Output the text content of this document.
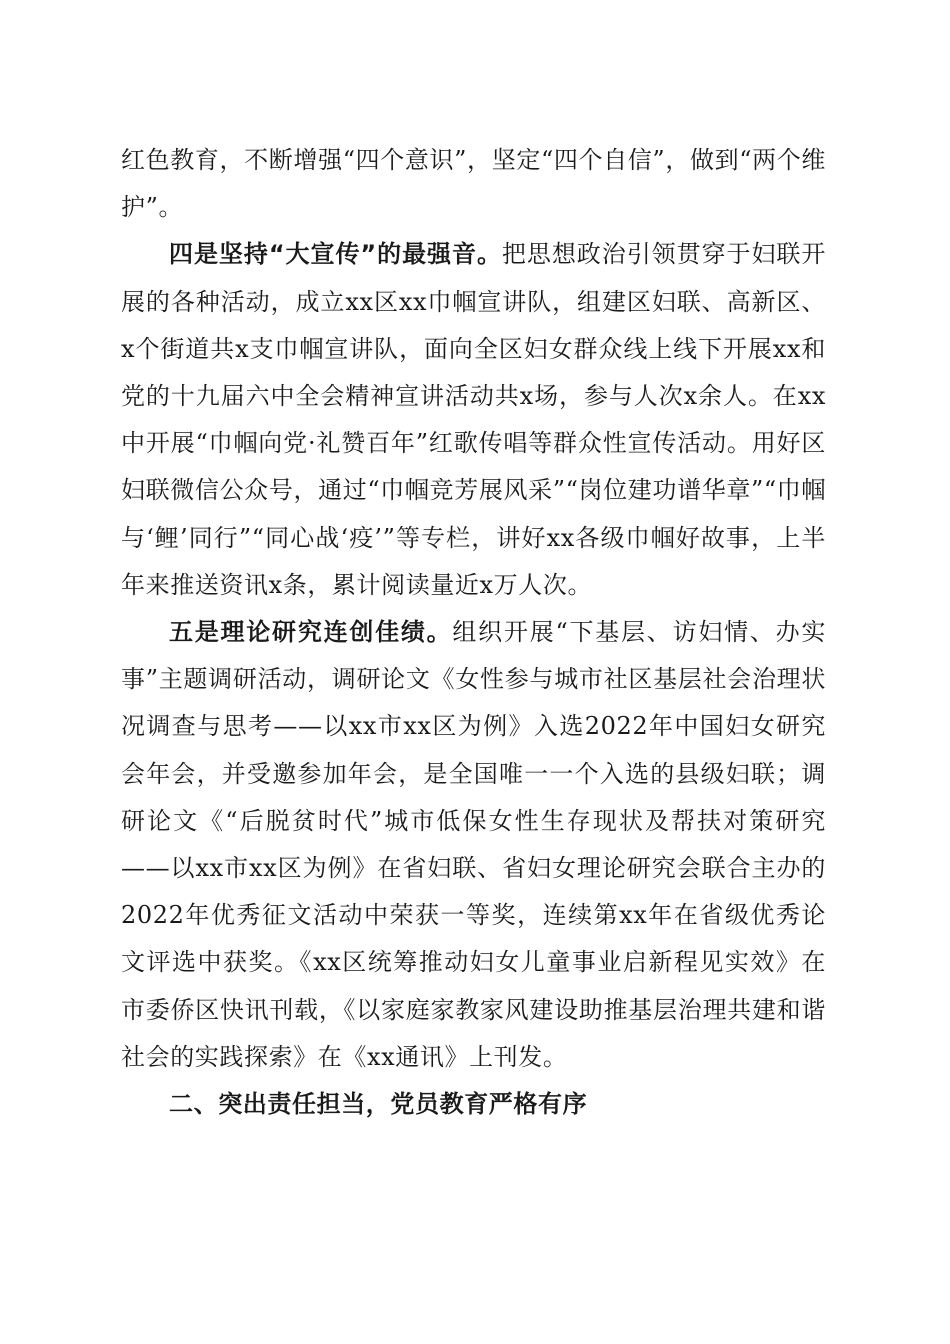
红色教育，不断增强“四个意识”，坚定“四个自信”，做到“两个维护”。

四是坚持“大宣传”的最强音。把思想政治引领贯穿于妇联开展的各种活动，成立xx区xx巾帼宣讲队，组建区妇联、高新区、x个街道共x支巾帼宣讲队，面向全区妇女群众线上线下开展xx和党的十九届六中全会精神宣讲活动共x场，参与人次x余人。在xx中开展“巾帼向党·礼赞百年”红歌传唱等群众性宣传活动。用好区妇联微信公众号，通过“巾帼竞芳展风采”“岗位建功谱华章”“巾帼与‘鲤’同行”“同心战‘疫’”等专栏，讲好xx各级巾帼好故事，上半年来推送资讯x条，累计阅读量近x万人次。

五是理论研究连创佳绩。组织开展“下基层、访妇情、办实事”主题调研活动，调研论文《女性参与城市社区基层社会治理状况调查与思考——以xx市xx区为例》入选2022年中国妇女研究会年会，并受邀参加年会，是全国唯一一个入选的县级妇联；调研论文《“后脱贫时代”城市低保女性生存现状及帮扶对策研究——以xx市xx区为例》在省妇联、省妇女理论研究会联合主办的2022年优秀征文活动中荣获一等奖，连续第xx年在省级优秀论文评选中获奖。《xx区统筹推动妇女儿童事业启新程见实效》在市委侨区快讯刊载，《以家庭家教家风建设助推基层治理共建和谐社会的实践探索》在《xx通讯》上刊发。

二、突出责任担当，党员教育严格有序
